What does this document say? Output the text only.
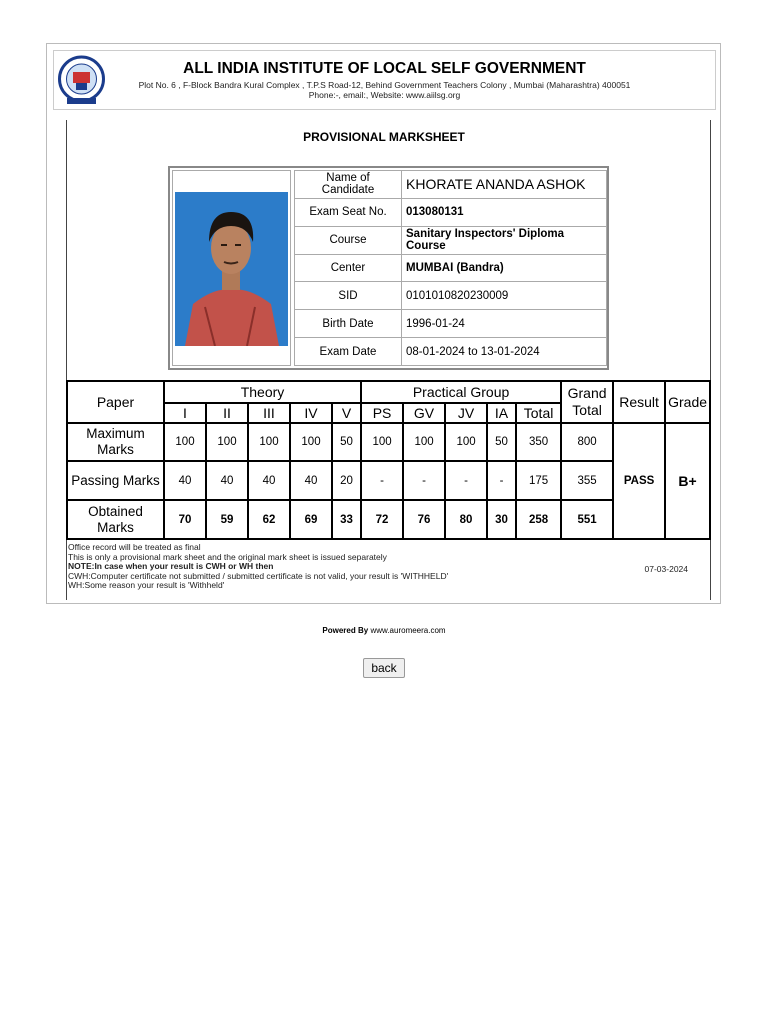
ALL INDIA INSTITUTE OF LOCAL SELF GOVERNMENT
Plot No. 6 , F-Block Bandra Kural Complex , T.P.S Road-12, Behind Government Teachers Colony , Mumbai (Maharashtra) 400051
Phone:-, email:, Website: www.aiilsg.org
PROVISIONAL MARKSHEET
Name of Candidate	KHORATE ANANDA ASHOK
Exam Seat No.	013080131
Course	Sanitary Inspectors' Diploma Course
Center	MUMBAI (Bandra)
SID	0101010820230009
Birth Date	1996-01-24
Exam Date	08-01-2024 to 13-01-2024
Paper	Theory					Practical Group					Grand Total	Result	Grade
	I	II	III	IV	V	PS	GV	JV	IA	Total			
Maximum Marks	100	100	100	100	50	100	100	100	50	350	800	PASS	B+
Passing Marks	40	40	40	40	20	-	-	-	-	175	355		
Obtained Marks	70	59	62	69	33	72	76	80	30	258	551		
Office record will be treated as final
This is only a provisional mark sheet and the original mark sheet is issued separately
NOTE:In case when your result is CWH or WH then
CWH:Computer certificate not submitted / submitted certificate is not valid, your result is 'WITHHELD'
WH:Some reason your result is 'Withheld'
07-03-2024
Powered By www.auromeera.com
back
